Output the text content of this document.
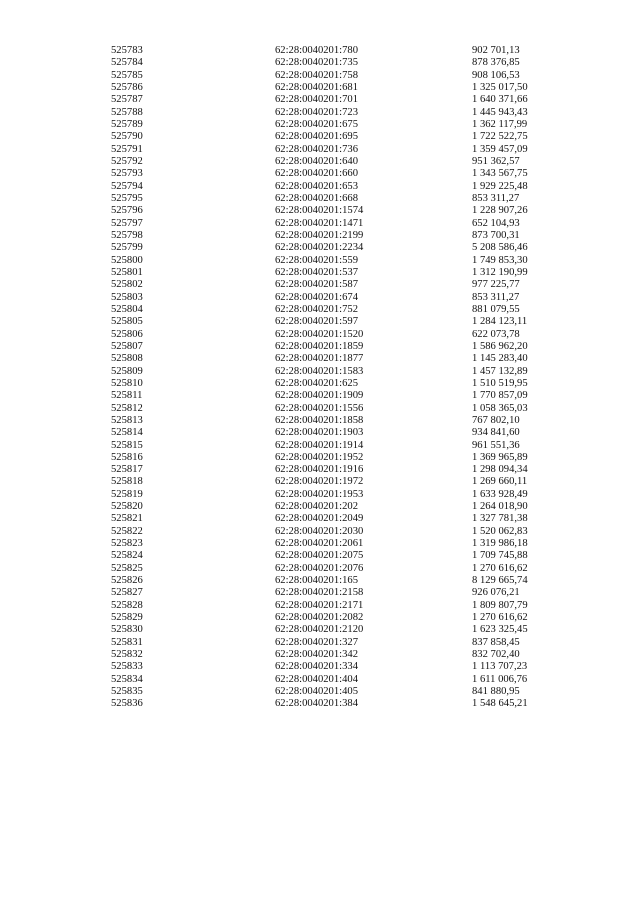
525783	62:28:0040201:780	902 701,13
525784	62:28:0040201:735	878 376,85
525785	62:28:0040201:758	908 106,53
525786	62:28:0040201:681	1 325 017,50
525787	62:28:0040201:701	1 640 371,66
525788	62:28:0040201:723	1 445 943,43
525789	62:28:0040201:675	1 362 117,99
525790	62:28:0040201:695	1 722 522,75
525791	62:28:0040201:736	1 359 457,09
525792	62:28:0040201:640	951 362,57
525793	62:28:0040201:660	1 343 567,75
525794	62:28:0040201:653	1 929 225,48
525795	62:28:0040201:668	853 311,27
525796	62:28:0040201:1574	1 228 907,26
525797	62:28:0040201:1471	652 104,93
525798	62:28:0040201:2199	873 700,31
525799	62:28:0040201:2234	5 208 586,46
525800	62:28:0040201:559	1 749 853,30
525801	62:28:0040201:537	1 312 190,99
525802	62:28:0040201:587	977 225,77
525803	62:28:0040201:674	853 311,27
525804	62:28:0040201:752	881 079,55
525805	62:28:0040201:597	1 284 123,11
525806	62:28:0040201:1520	622 073,78
525807	62:28:0040201:1859	1 586 962,20
525808	62:28:0040201:1877	1 145 283,40
525809	62:28:0040201:1583	1 457 132,89
525810	62:28:0040201:625	1 510 519,95
525811	62:28:0040201:1909	1 770 857,09
525812	62:28:0040201:1556	1 058 365,03
525813	62:28:0040201:1858	767 802,10
525814	62:28:0040201:1903	934 841,60
525815	62:28:0040201:1914	961 551,36
525816	62:28:0040201:1952	1 369 965,89
525817	62:28:0040201:1916	1 298 094,34
525818	62:28:0040201:1972	1 269 660,11
525819	62:28:0040201:1953	1 633 928,49
525820	62:28:0040201:202	1 264 018,90
525821	62:28:0040201:2049	1 327 781,38
525822	62:28:0040201:2030	1 520 062,83
525823	62:28:0040201:2061	1 319 986,18
525824	62:28:0040201:2075	1 709 745,88
525825	62:28:0040201:2076	1 270 616,62
525826	62:28:0040201:165	8 129 665,74
525827	62:28:0040201:2158	926 076,21
525828	62:28:0040201:2171	1 809 807,79
525829	62:28:0040201:2082	1 270 616,62
525830	62:28:0040201:2120	1 623 325,45
525831	62:28:0040201:327	837 858,45
525832	62:28:0040201:342	832 702,40
525833	62:28:0040201:334	1 113 707,23
525834	62:28:0040201:404	1 611 006,76
525835	62:28:0040201:405	841 880,95
525836	62:28:0040201:384	1 548 645,21
